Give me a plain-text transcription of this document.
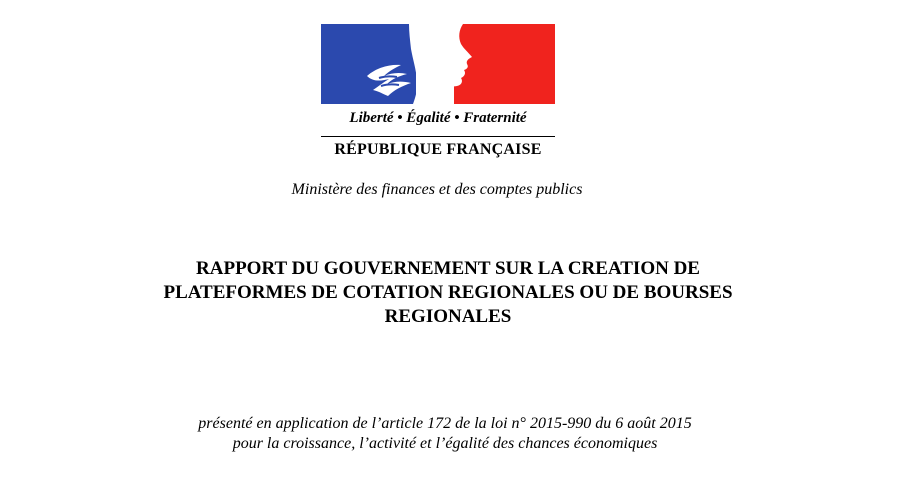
Liberté • Égalité • Fraternité
RÉPUBLIQUE FRANÇAISE
Ministère des finances et des comptes publics
RAPPORT DU GOUVERNEMENT SUR LA CREATION DE
PLATEFORMES DE COTATION REGIONALES OU DE BOURSES
REGIONALES
présenté en application de l’article 172 de la loi n° 2015-990 du 6 août 2015
pour la croissance, l’activité et l’égalité des chances économiques
